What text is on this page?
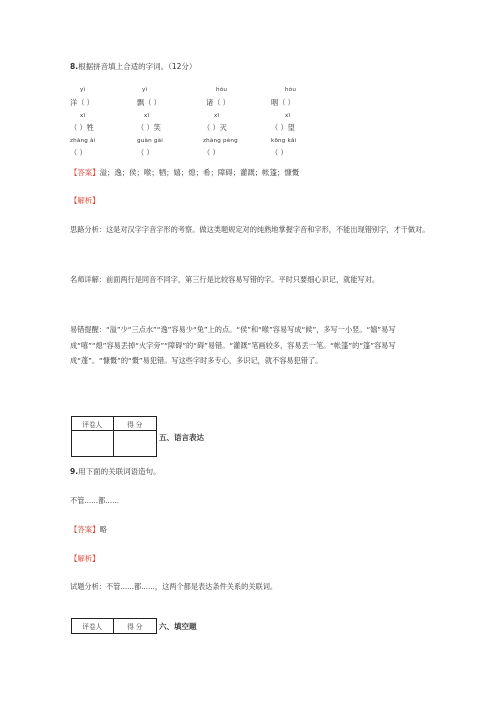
8.根据拼音填上合适的字词。（12分）
yì	yì	hóu	hóu
洋（ ）	飘（ ）	诸（ ）	咽（ ）
xī	xī	xī	xī
（ ）牲	（ ）笑	（ ）灭	（ ）望
zhàng ài	guàn gài	zhàng péng	kōng kǎi
（ ）	（ ）	（ ）	（ ）
【答案】溢；逸；侯；喉；牺；嬉；熄；希；障碍；灌溉；帐篷；慷慨
【解析】
思路分析：这是对汉字字音字形的考察。做这类题规定对的纯熟地掌握字音和字形，不能出现错别字，才干做对。
名师详解：前面两行是同音不同字，第三行是比较容易写错的字。平时只要细心识记，就能写对。
易错提醒：“溢”少“三点水”“逸”容易少“兔”上的点。“侯”和“喉”容易写成“候”，多写一小竖。“嬉”易写成“嘻”“熄”容易丢掉“火字旁”“障碍”的“碍”易错。“灌溉”笔画较多，容易丢一笔。“帐篷”的“篷”容易写成“蓬”。“慷慨”的“慨”易犯错。写这些字时多专心，多识记，就不容易犯错了。
评卷人	得 分

五、语言表达
9.用下面的关联词语造句。
不管......都......
【答案】略
【解析】
试题分析：不管......都......，这两个都是表达条件关系的关联词。
评卷人	得 分 六、填空题
